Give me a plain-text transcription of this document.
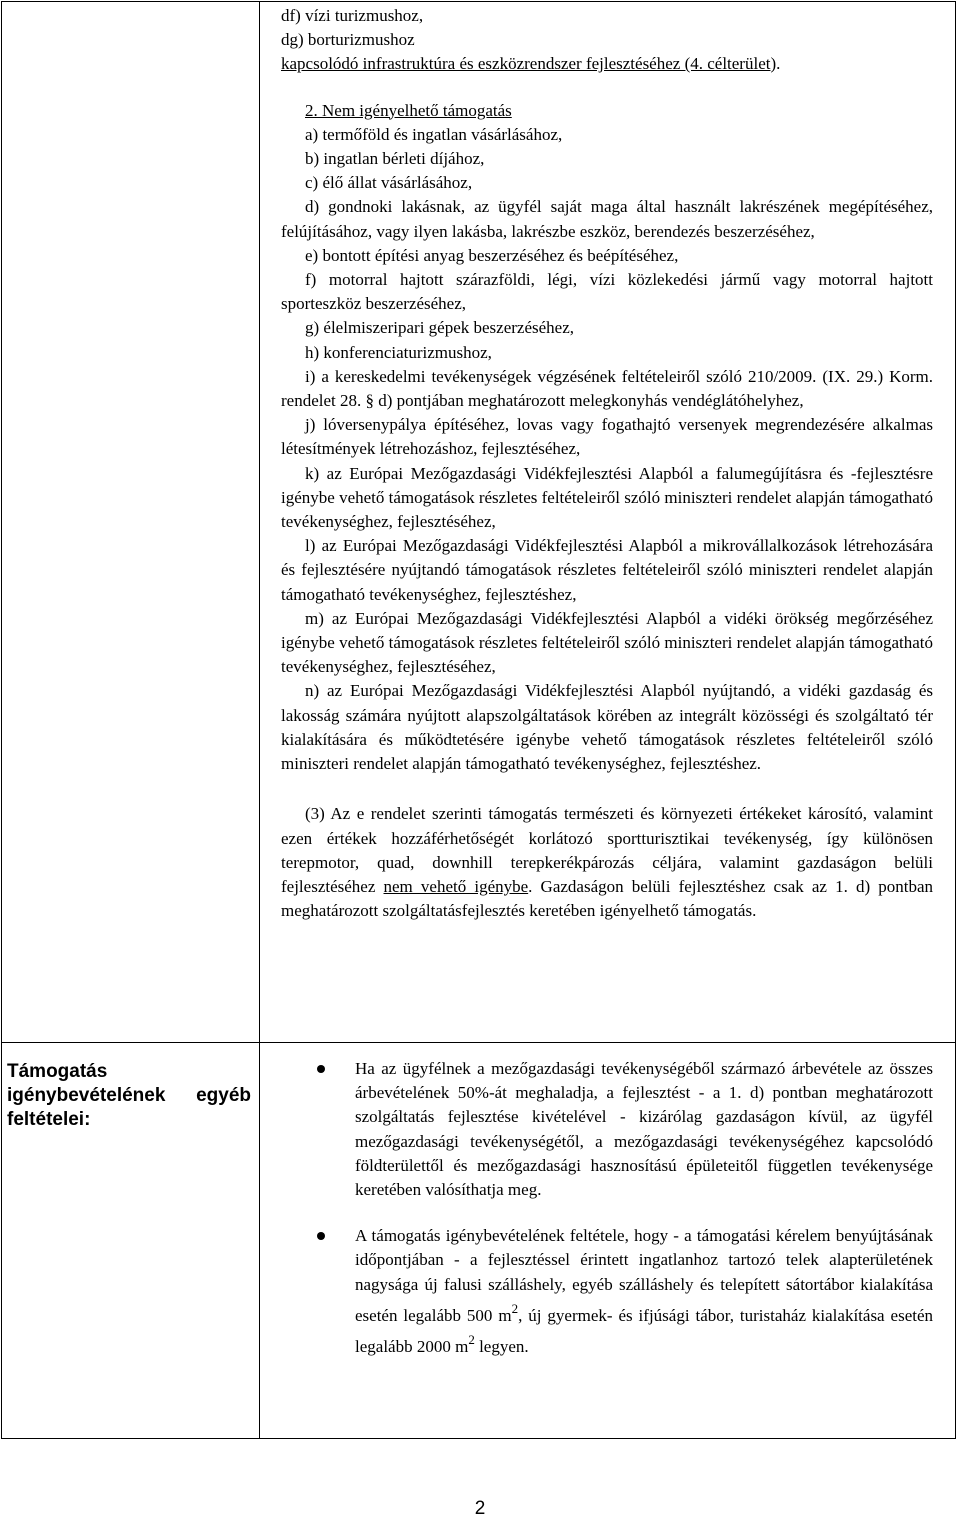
df) vízi turizmushoz,

dg) borturizmushoz

kapcsolódó infrastruktúra és eszközrendszer fejlesztéséhez (4. célterület).

2. Nem igényelhető támogatás

a) termőföld és ingatlan vásárlásához,

b) ingatlan bérleti díjához,

c) élő állat vásárlásához,

d) gondnoki lakásnak, az ügyfél saját maga által használt lakrészének megépítéséhez, felújításához, vagy ilyen lakásba, lakrészbe eszköz, berendezés beszerzéséhez,

e) bontott építési anyag beszerzéséhez és beépítéséhez,

f) motorral hajtott szárazföldi, légi, vízi közlekedési jármű vagy motorral hajtott sporteszköz beszerzéséhez,

g) élelmiszeripari gépek beszerzéséhez,

h) konferenciaturizmushoz,

i) a kereskedelmi tevékenységek végzésének feltételeiről szóló 210/2009. (IX. 29.) Korm. rendelet 28. § d) pontjában meghatározott melegkonyhás vendéglátóhelyhez,

j) lóversenypálya építéséhez, lovas vagy fogathajtó versenyek megrendezésére alkalmas létesítmények létrehozáshoz, fejlesztéséhez,

k) az Európai Mezőgazdasági Vidékfejlesztési Alapból a falumegújításra és -fejlesztésre igénybe vehető támogatások részletes feltételeiről szóló miniszteri rendelet alapján támogatható tevékenységhez, fejlesztéséhez,

l) az Európai Mezőgazdasági Vidékfejlesztési Alapból a mikrovállalkozások létrehozására és fejlesztésére nyújtandó támogatások részletes feltételeiről szóló miniszteri rendelet alapján támogatható tevékenységhez, fejlesztéshez,

m) az Európai Mezőgazdasági Vidékfejlesztési Alapból a vidéki örökség megőrzéséhez igénybe vehető támogatások részletes feltételeiről szóló miniszteri rendelet alapján támogatható tevékenységhez, fejlesztéséhez,

n) az Európai Mezőgazdasági Vidékfejlesztési Alapból nyújtandó, a vidéki gazdaság és lakosság számára nyújtott alapszolgáltatások körében az integrált közösségi és szolgáltató tér kialakítására és működtetésére igénybe vehető támogatások részletes feltételeiről szóló miniszteri rendelet alapján támogatható tevékenységhez, fejlesztéshez.

(3) Az e rendelet szerinti támogatás természeti és környezeti értékeket károsító, valamint ezen értékek hozzáférhetőségét korlátozó sportturisztikai tevékenység, így különösen terepmotor, quad, downhill terepkerékpározás céljára, valamint gazdaságon belüli fejlesztéséhez nem vehető igénybe. Gazdaságon belüli fejlesztéshez csak az 1. d) pontban meghatározott szolgáltatásfejlesztés keretében igényelhető támogatás.

Támogatás
igénybevételének egyéb
feltételei:
Ha az ügyfélnek a mezőgazdasági tevékenységéből származó árbevétele az összes árbevételének 50%-át meghaladja, a fejlesztést - a 1. d) pontban meghatározott szolgáltatás fejlesztése kivételével - kizárólag gazdaságon kívül, az ügyfél mezőgazdasági tevékenységétől, a mezőgazdasági tevékenységéhez kapcsolódó földterülettől és mezőgazdasági hasznosítású épületeitől független tevékenysége keretében valósíthatja meg.
A támogatás igénybevételének feltétele, hogy - a támogatási kérelem benyújtásának időpontjában - a fejlesztéssel érintett ingatlanhoz tartozó telek alapterületének nagysága új falusi szálláshely, egyéb szálláshely és telepített sátortábor kialakítása esetén legalább 500 $m^2$, új gyermek- és ifjúsági tábor, turistaház kialakítása esetén legalább 2000 $m^2$ legyen.
2
